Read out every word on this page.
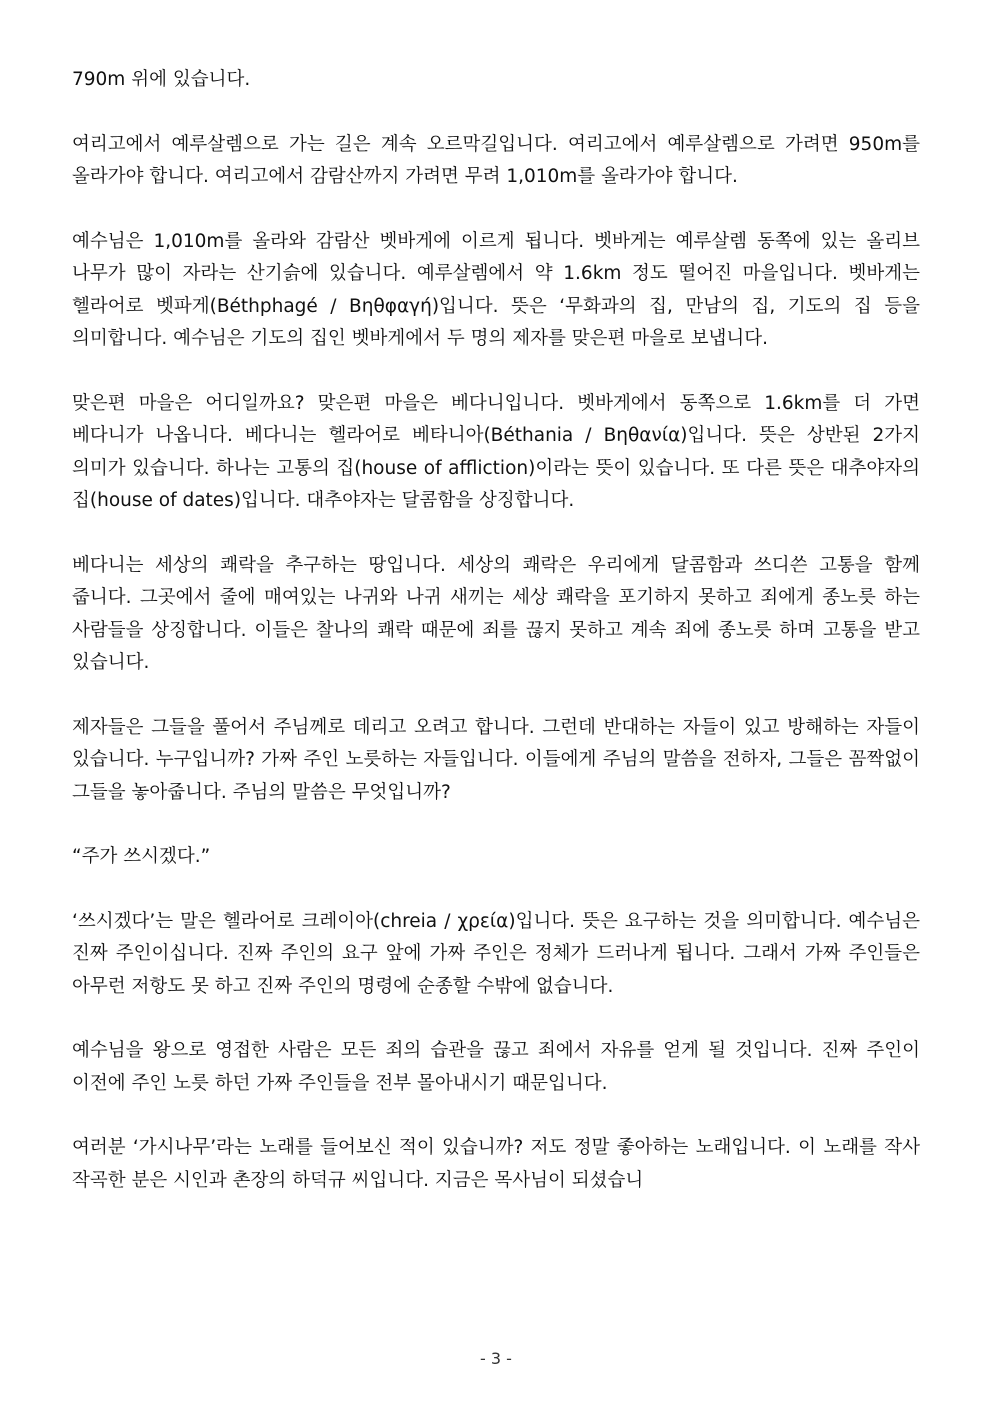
790m 위에 있습니다.

여리고에서 예루살렘으로 가는 길은 계속 오르막길입니다. 여리고에서 예루살렘으로 가려면 950m를 올라가야 합니다. 여리고에서 감람산까지 가려면 무려 1,010m를 올라가야 합니다.

예수님은 1,010m를 올라와 감람산 벳바게에 이르게 됩니다. 벳바게는 예루살렘 동쪽에 있는 올리브 나무가 많이 자라는 산기슭에 있습니다. 예루살렘에서 약 1.6km 정도 떨어진 마을입니다. 벳바게는 헬라어로 벳파게(Béthphagé / Βηθφαγή)입니다. 뜻은 ‘무화과의 집, 만남의 집, 기도의 집 등을 의미합니다. 예수님은 기도의 집인 벳바게에서 두 명의 제자를 맞은편 마을로 보냅니다.

맞은편 마을은 어디일까요? 맞은편 마을은 베다니입니다. 벳바게에서 동쪽으로 1.6km를 더 가면 베다니가 나옵니다. 베다니는 헬라어로 베타니아(Béthania / Βηθανία)입니다. 뜻은 상반된 2가지 의미가 있습니다. 하나는 고통의 집(house of affliction)이라는 뜻이 있습니다. 또 다른 뜻은 대추야자의 집(house of dates)입니다. 대추야자는 달콤함을 상징합니다.

베다니는 세상의 쾌락을 추구하는 땅입니다. 세상의 쾌락은 우리에게 달콤함과 쓰디쓴 고통을 함께 줍니다. 그곳에서 줄에 매여있는 나귀와 나귀 새끼는 세상 쾌락을 포기하지 못하고 죄에게 종노릇 하는 사람들을 상징합니다. 이들은 찰나의 쾌락 때문에 죄를 끊지 못하고 계속 죄에 종노릇 하며 고통을 받고 있습니다.

제자들은 그들을 풀어서 주님께로 데리고 오려고 합니다. 그런데 반대하는 자들이 있고 방해하는 자들이 있습니다. 누구입니까? 가짜 주인 노릇하는 자들입니다. 이들에게 주님의 말씀을 전하자, 그들은 꼼짝없이 그들을 놓아줍니다. 주님의 말씀은 무엇입니까?

“주가 쓰시겠다.”

‘쓰시겠다’는 말은 헬라어로 크레이아(chreia / χρεία)입니다. 뜻은 요구하는 것을 의미합니다. 예수님은 진짜 주인이십니다. 진짜 주인의 요구 앞에 가짜 주인은 정체가 드러나게 됩니다. 그래서 가짜 주인들은 아무런 저항도 못 하고 진짜 주인의 명령에 순종할 수밖에 없습니다.

예수님을 왕으로 영접한 사람은 모든 죄의 습관을 끊고 죄에서 자유를 얻게 될 것입니다. 진짜 주인이 이전에 주인 노릇 하던 가짜 주인들을 전부 몰아내시기 때문입니다.

여러분 ‘가시나무’라는 노래를 들어보신 적이 있습니까? 저도 정말 좋아하는 노래입니다. 이 노래를 작사 작곡한 분은 시인과 촌장의 하덕규 씨입니다. 지금은 목사님이 되셨습니

- 3 -
